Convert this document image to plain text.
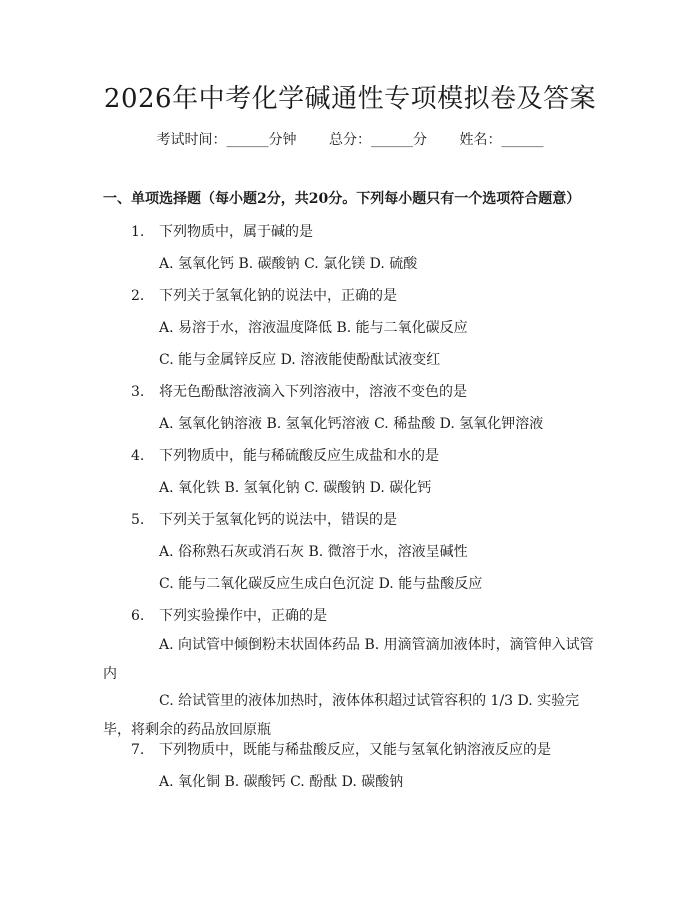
2026年中考化学碱通性专项模拟卷及答案
考试时间：______分钟 总分：______分 姓名：______
一、单项选择题（每小题2分，共20分。下列每小题只有一个选项符合题意）
1. 下列物质中，属于碱的是
A. 氢氧化钙 B. 碳酸钠 C. 氯化镁 D. 硫酸
2. 下列关于氢氧化钠的说法中，正确的是
A. 易溶于水，溶液温度降低 B. 能与二氧化碳反应
C. 能与金属锌反应 D. 溶液能使酚酞试液变红
3. 将无色酚酞溶液滴入下列溶液中，溶液不变色的是
A. 氢氧化钠溶液 B. 氢氧化钙溶液 C. 稀盐酸 D. 氢氧化钾溶液
4. 下列物质中，能与稀硫酸反应生成盐和水的是
A. 氧化铁 B. 氢氧化钠 C. 碳酸钠 D. 碳化钙
5. 下列关于氢氧化钙的说法中，错误的是
A. 俗称熟石灰或消石灰 B. 微溶于水，溶液呈碱性
C. 能与二氧化碳反应生成白色沉淀 D. 能与盐酸反应
6. 下列实验操作中，正确的是
A. 向试管中倾倒粉末状固体药品 B. 用滴管滴加液体时，滴管伸入试管内
C. 给试管里的液体加热时，液体体积超过试管容积的 1/3 D. 实验完毕，将剩余的药品放回原瓶
7. 下列物质中，既能与稀盐酸反应，又能与氢氧化钠溶液反应的是
A. 氧化铜 B. 碳酸钙 C. 酚酞 D. 碳酸钠
